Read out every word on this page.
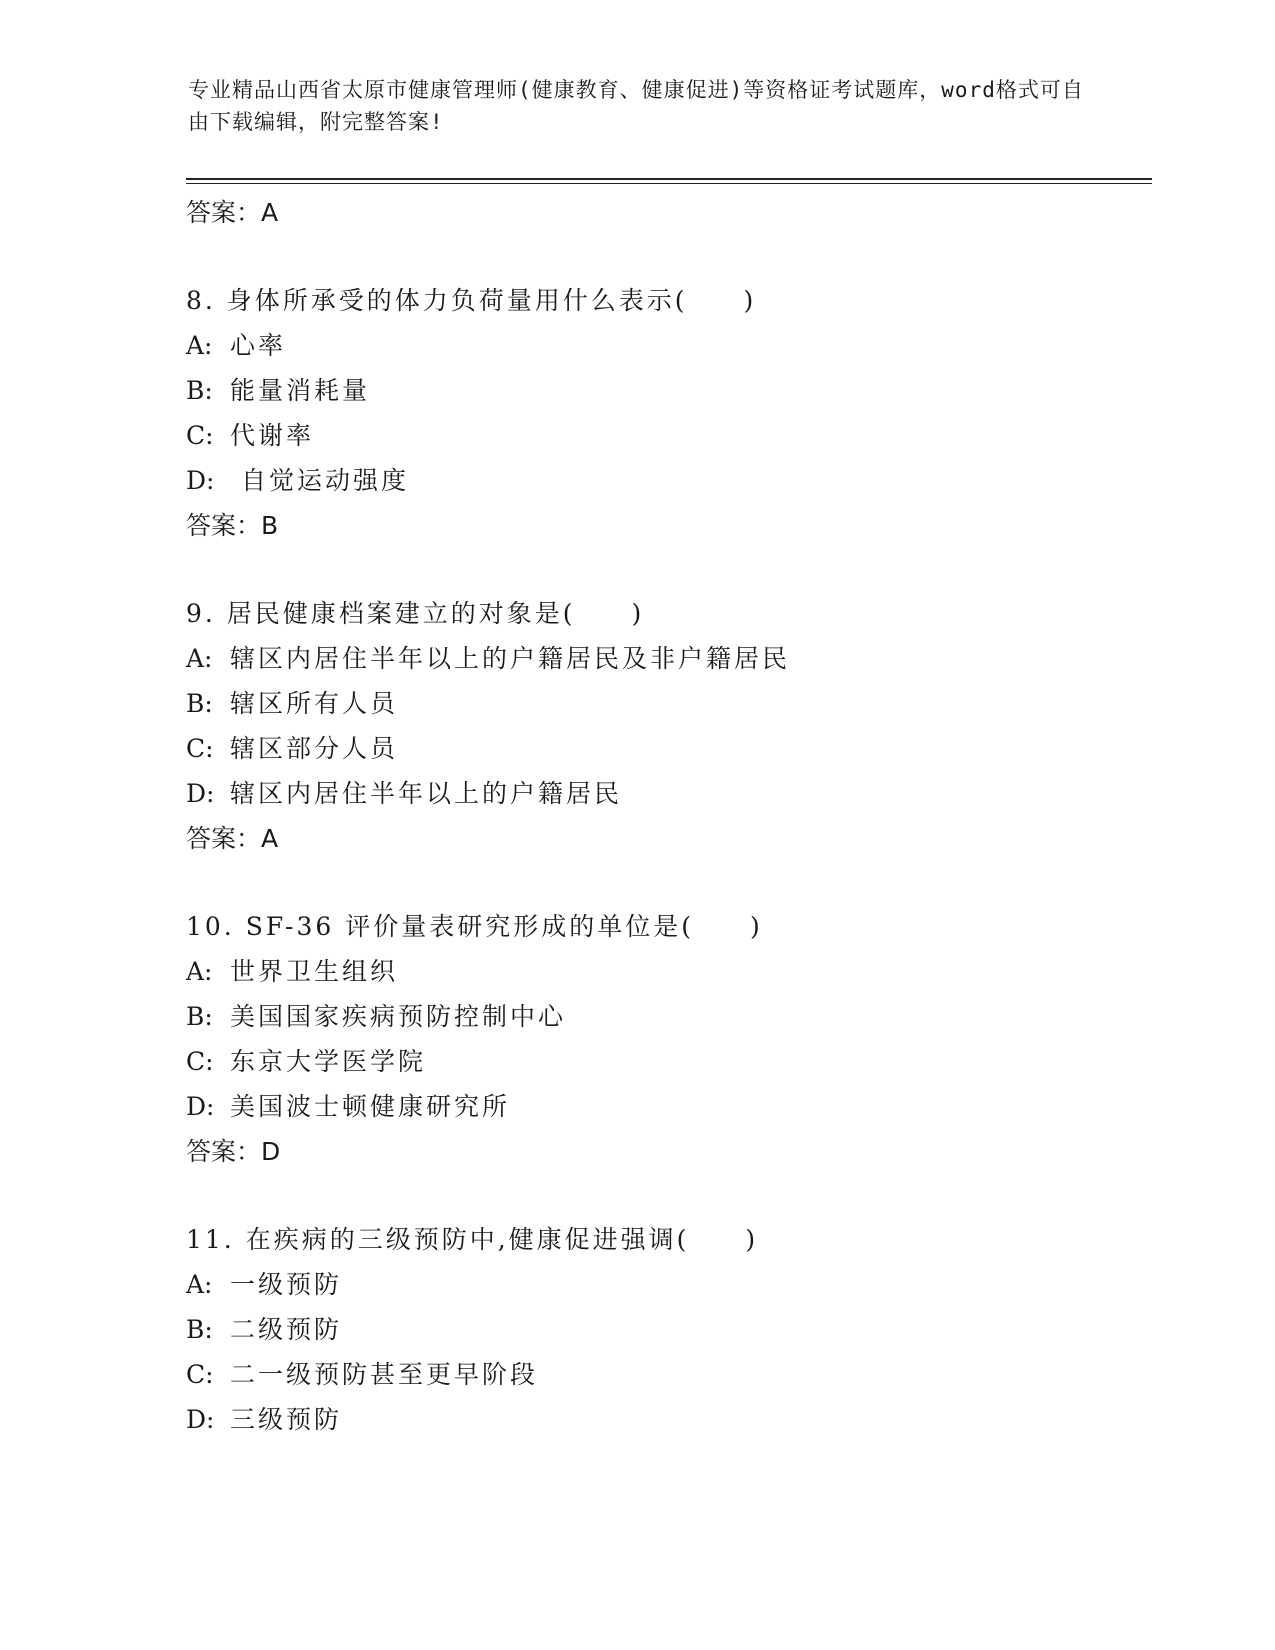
专业精品山西省太原市健康管理师(健康教育、健康促进)等资格证考试题库，word格式可自由下载编辑，附完整答案!

答案：A

8. 身体所承受的体力负荷量用什么表示(　　)

A: 心率

B: 能量消耗量

C: 代谢率

D: 自觉运动强度

答案：B

9. 居民健康档案建立的对象是(　　)

A: 辖区内居住半年以上的户籍居民及非户籍居民

B: 辖区所有人员

C: 辖区部分人员

D: 辖区内居住半年以上的户籍居民

答案：A

10. SF-36 评价量表研究形成的单位是(　　)

A: 世界卫生组织

B: 美国国家疾病预防控制中心

C: 东京大学医学院

D: 美国波士顿健康研究所

答案：D

11. 在疾病的三级预防中,健康促进强调(　　)

A: 一级预防

B: 二级预防

C: 二一级预防甚至更早阶段

D: 三级预防
